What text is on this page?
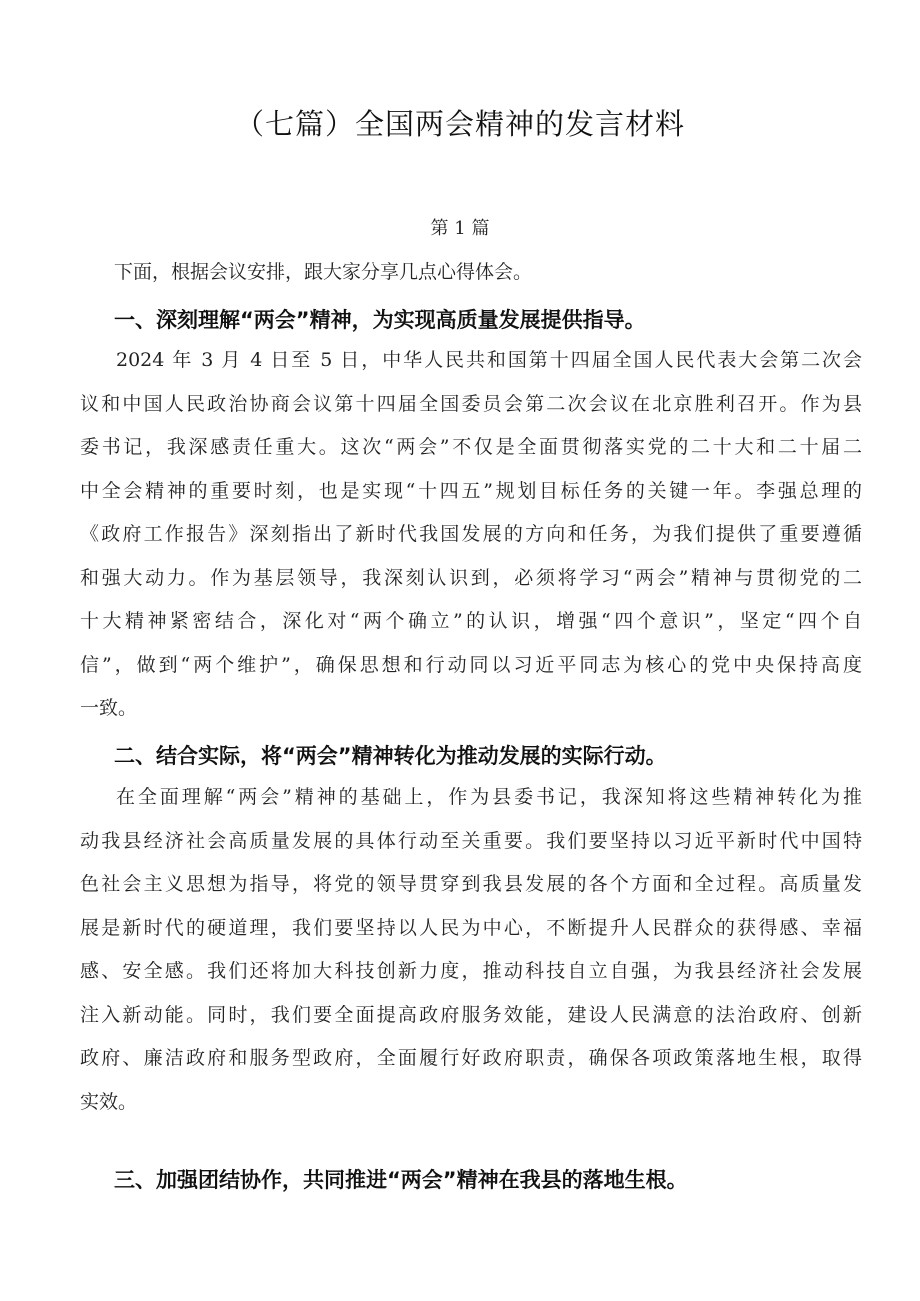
（七篇）全国两会精神的发言材料
第 1 篇
下面，根据会议安排，跟大家分享几点心得体会。
一、深刻理解“两会”精神，为实现高质量发展提供指导。
2024 年 3 月 4 日至 5 日，中华人民共和国第十四届全国人民代表大会第二次会
议和中国人民政治协商会议第十四届全国委员会第二次会议在北京胜利召开。作为县
委书记，我深感责任重大。这次“两会”不仅是全面贯彻落实党的二十大和二十届二
中全会精神的重要时刻，也是实现“十四五”规划目标任务的关键一年。李强总理的
《政府工作报告》深刻指出了新时代我国发展的方向和任务，为我们提供了重要遵循
和强大动力。作为基层领导，我深刻认识到，必须将学习“两会”精神与贯彻党的二
十大精神紧密结合，深化对“两个确立”的认识，增强“四个意识”，坚定“四个自
信”，做到“两个维护”，确保思想和行动同以习近平同志为核心的党中央保持高度
一致。
二、结合实际，将“两会”精神转化为推动发展的实际行动。
在全面理解“两会”精神的基础上，作为县委书记，我深知将这些精神转化为推
动我县经济社会高质量发展的具体行动至关重要。我们要坚持以习近平新时代中国特
色社会主义思想为指导，将党的领导贯穿到我县发展的各个方面和全过程。高质量发
展是新时代的硬道理，我们要坚持以人民为中心，不断提升人民群众的获得感、幸福
感、安全感。我们还将加大科技创新力度，推动科技自立自强，为我县经济社会发展
注入新动能。同时，我们要全面提高政府服务效能，建设人民满意的法治政府、创新
政府、廉洁政府和服务型政府，全面履行好政府职责，确保各项政策落地生根，取得
实效。
三、加强团结协作，共同推进“两会”精神在我县的落地生根。
